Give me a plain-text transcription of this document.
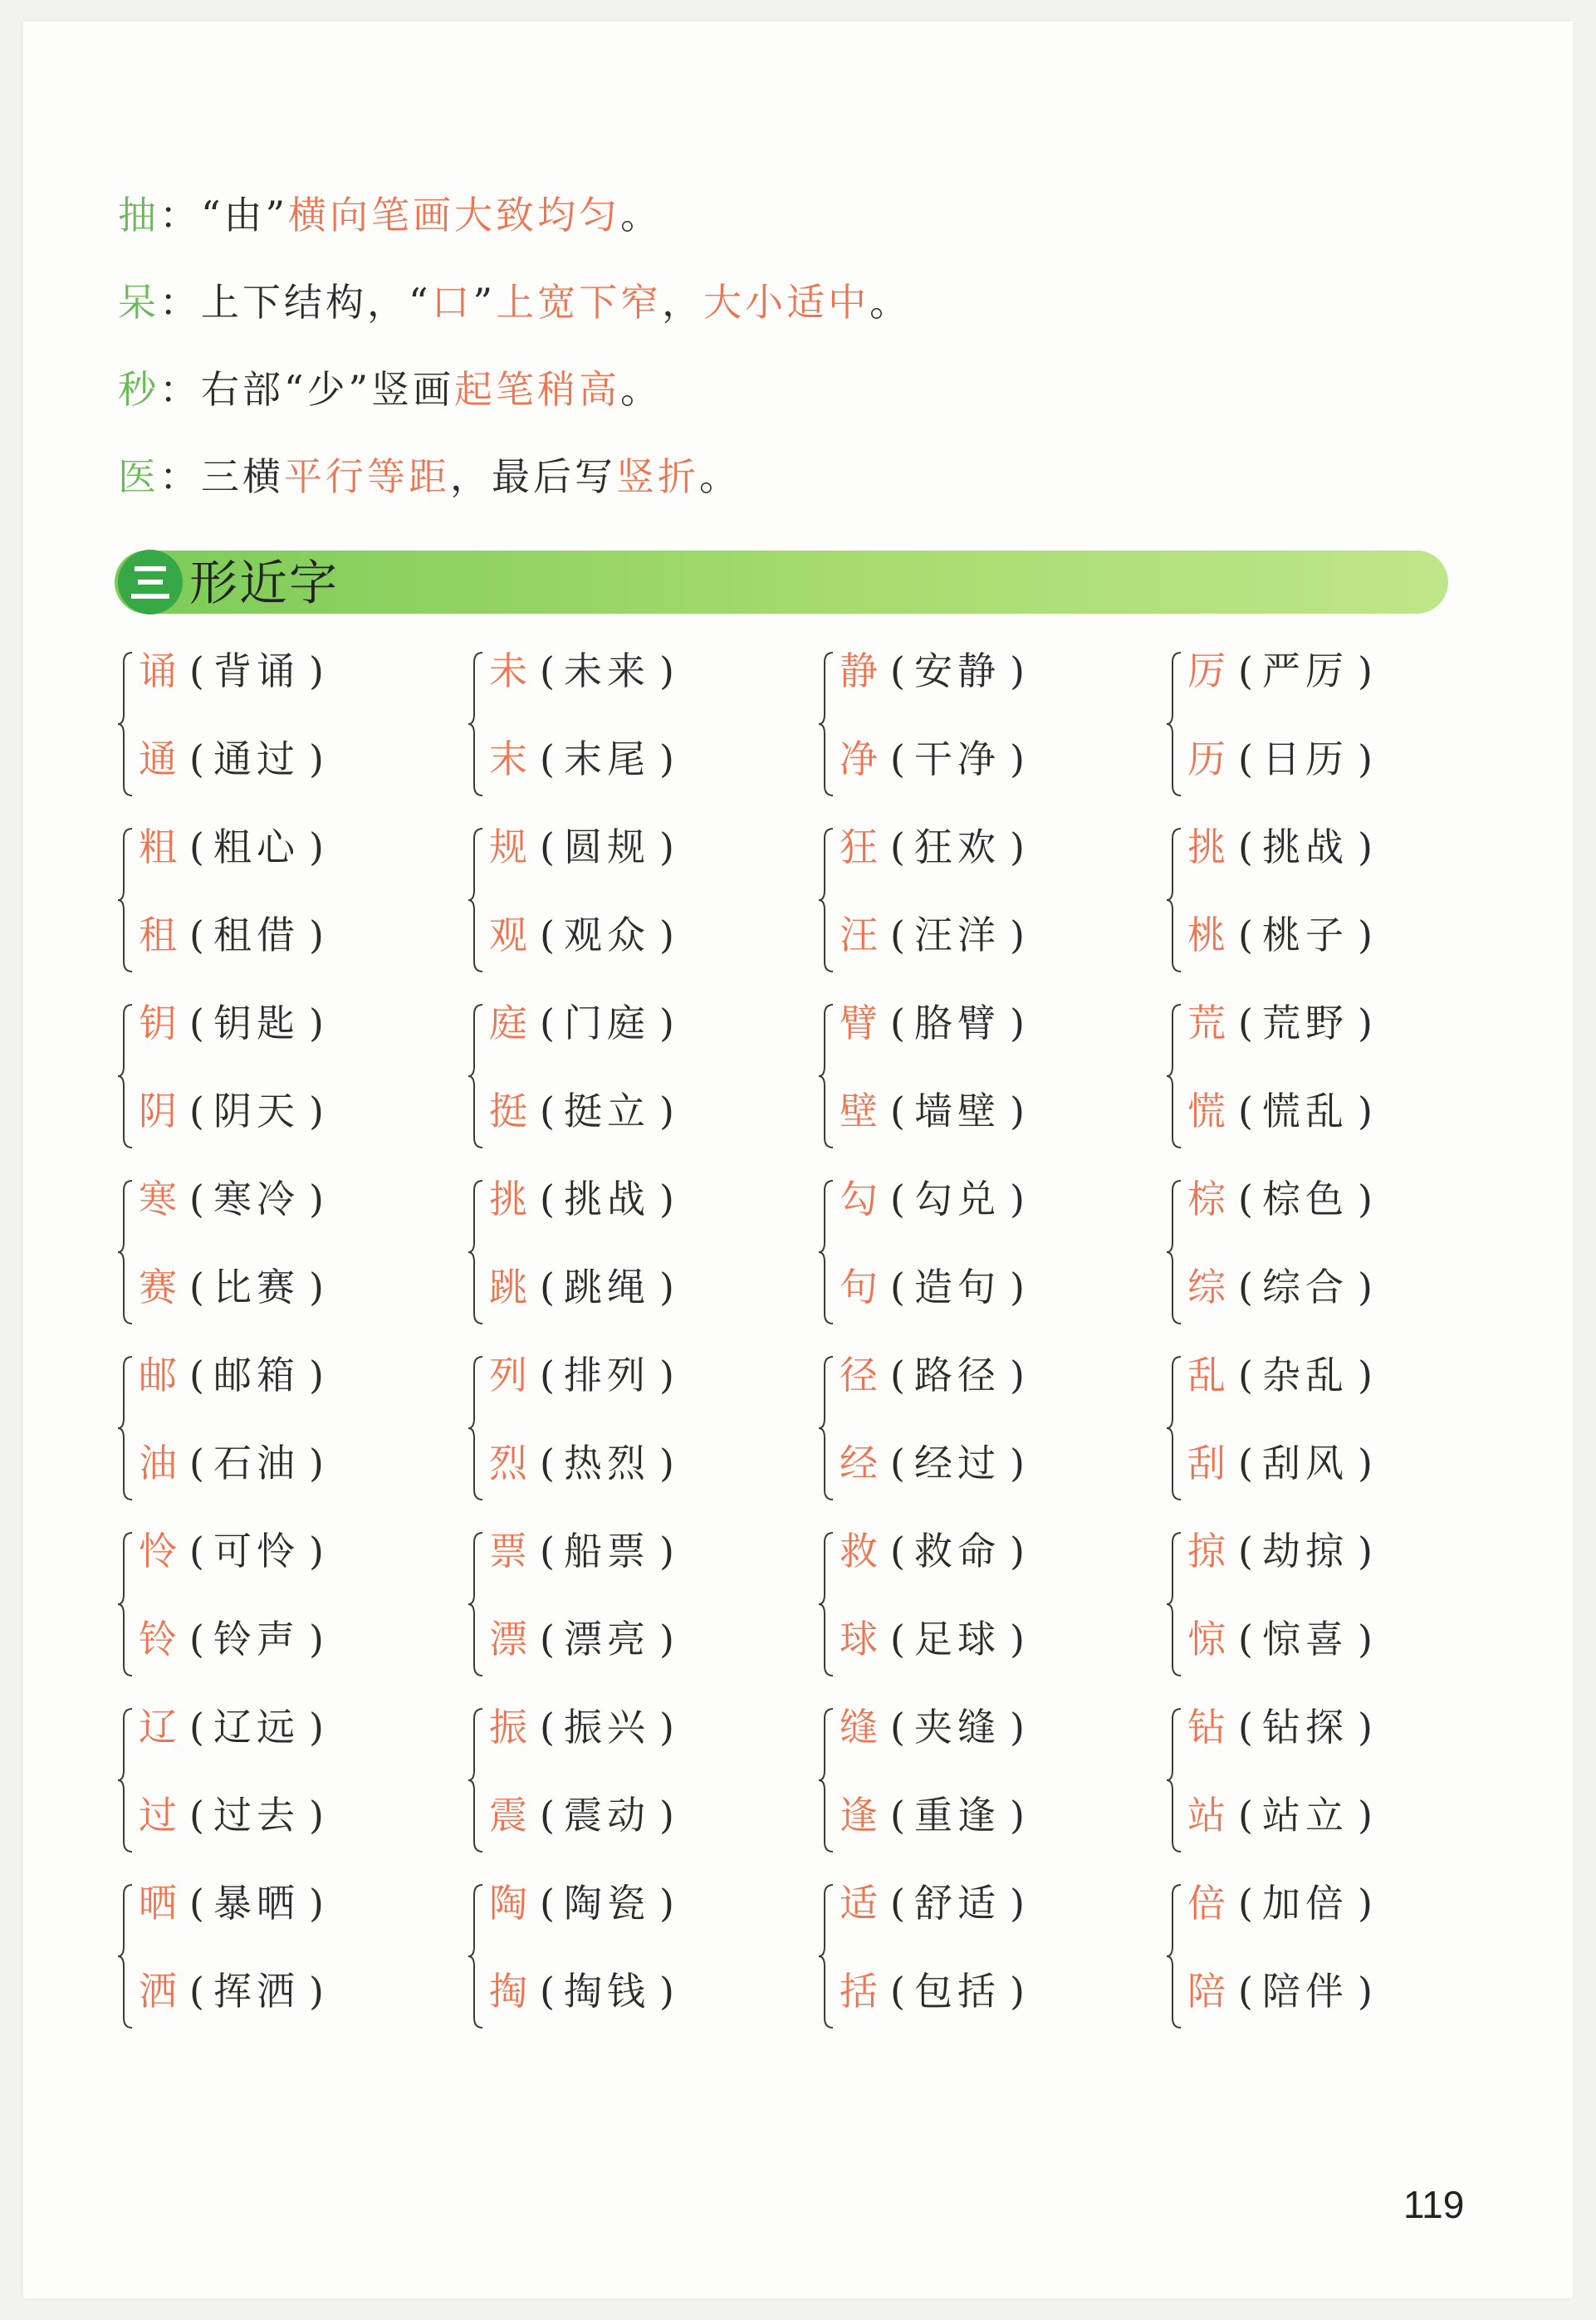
抽：“由”横向笔画大致均匀。
呆：上下结构，“口”上宽下窄，大小适中。
秒：右部“少”竖画起笔稍高。
医：三横平行等距，最后写竖折。
形近字
诵 ( 背诵 )
通 ( 通过 )
粗 ( 粗心 )
租 ( 租借 )
钥 ( 钥匙 )
阴 ( 阴天 )
寒 ( 寒冷 )
赛 ( 比赛 )
邮 ( 邮箱 )
油 ( 石油 )
怜 ( 可怜 )
铃 ( 铃声 )
辽 ( 辽远 )
过 ( 过去 )
晒 ( 暴晒 )
洒 ( 挥洒 )
未 ( 未来 )
末 ( 末尾 )
规 ( 圆规 )
观 ( 观众 )
庭 ( 门庭 )
挺 ( 挺立 )
挑 ( 挑战 )
跳 ( 跳绳 )
列 ( 排列 )
烈 ( 热烈 )
票 ( 船票 )
漂 ( 漂亮 )
振 ( 振兴 )
震 ( 震动 )
陶 ( 陶瓷 )
掏 ( 掏钱 )
静 ( 安静 )
净 ( 干净 )
狂 ( 狂欢 )
汪 ( 汪洋 )
臂 ( 胳臂 )
壁 ( 墙壁 )
勾 ( 勾兑 )
句 ( 造句 )
径 ( 路径 )
经 ( 经过 )
救 ( 救命 )
球 ( 足球 )
缝 ( 夹缝 )
逢 ( 重逢 )
适 ( 舒适 )
括 ( 包括 )
厉 ( 严厉 )
历 ( 日历 )
挑 ( 挑战 )
桃 ( 桃子 )
荒 ( 荒野 )
慌 ( 慌乱 )
棕 ( 棕色 )
综 ( 综合 )
乱 ( 杂乱 )
刮 ( 刮风 )
掠 ( 劫掠 )
惊 ( 惊喜 )
钻 ( 钻探 )
站 ( 站立 )
倍 ( 加倍 )
陪 ( 陪伴 )
119
